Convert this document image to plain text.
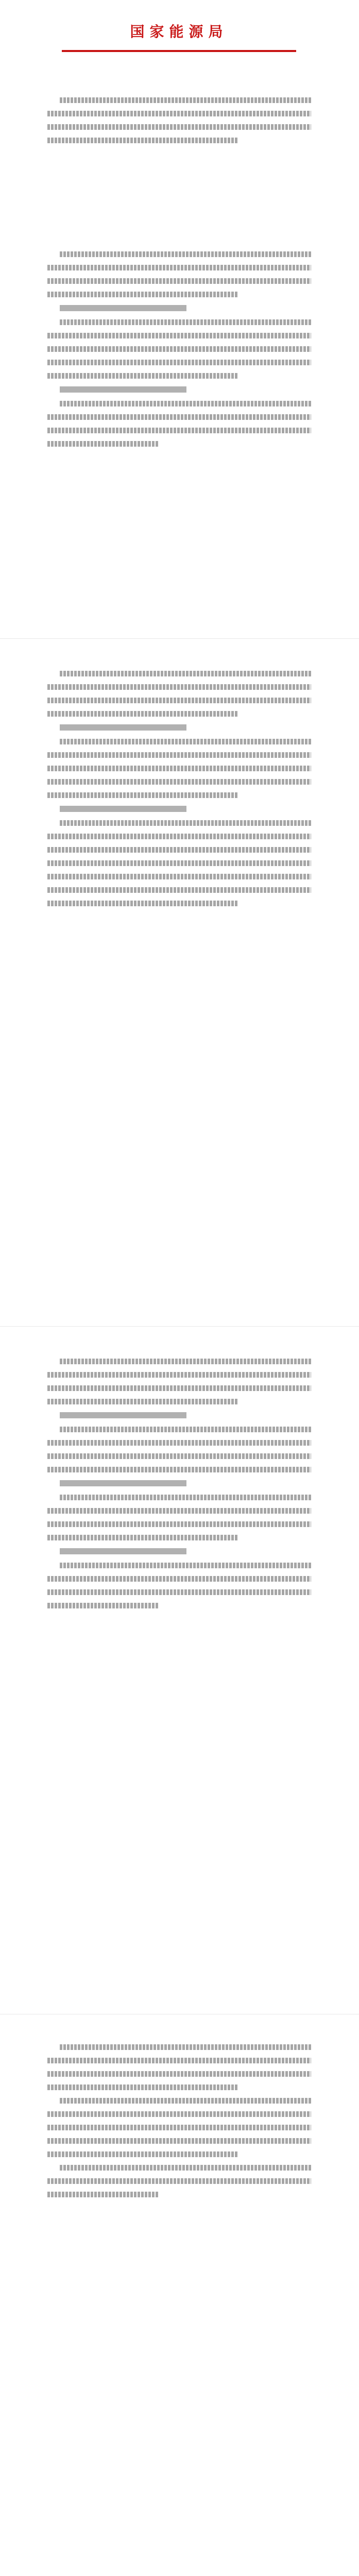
国家能源局
